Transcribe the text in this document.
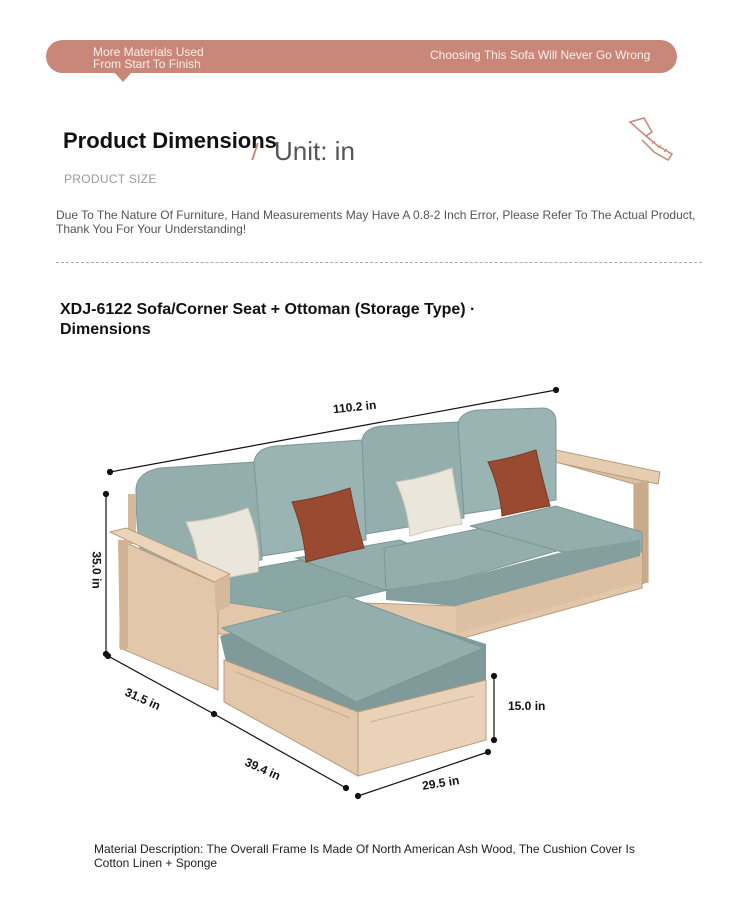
More Materials Used
From Start To Finish
Choosing This Sofa Will Never Go Wrong
Product Dimensions
PRODUCT SIZE
Unit: in
Due To The Nature Of Furniture, Hand Measurements May Have A 0.8-2 Inch Error, Please Refer To The Actual Product, Thank You For Your Understanding!
XDJ-6122 Sofa/Corner Seat + Ottoman (Storage Type) · Dimensions
110.2 in
35.0 in
31.5 in
39.4 in
29.5 in
15.0 in
Material Description: The Overall Frame Is Made Of North American Ash Wood, The Cushion Cover Is Cotton Linen + Sponge
